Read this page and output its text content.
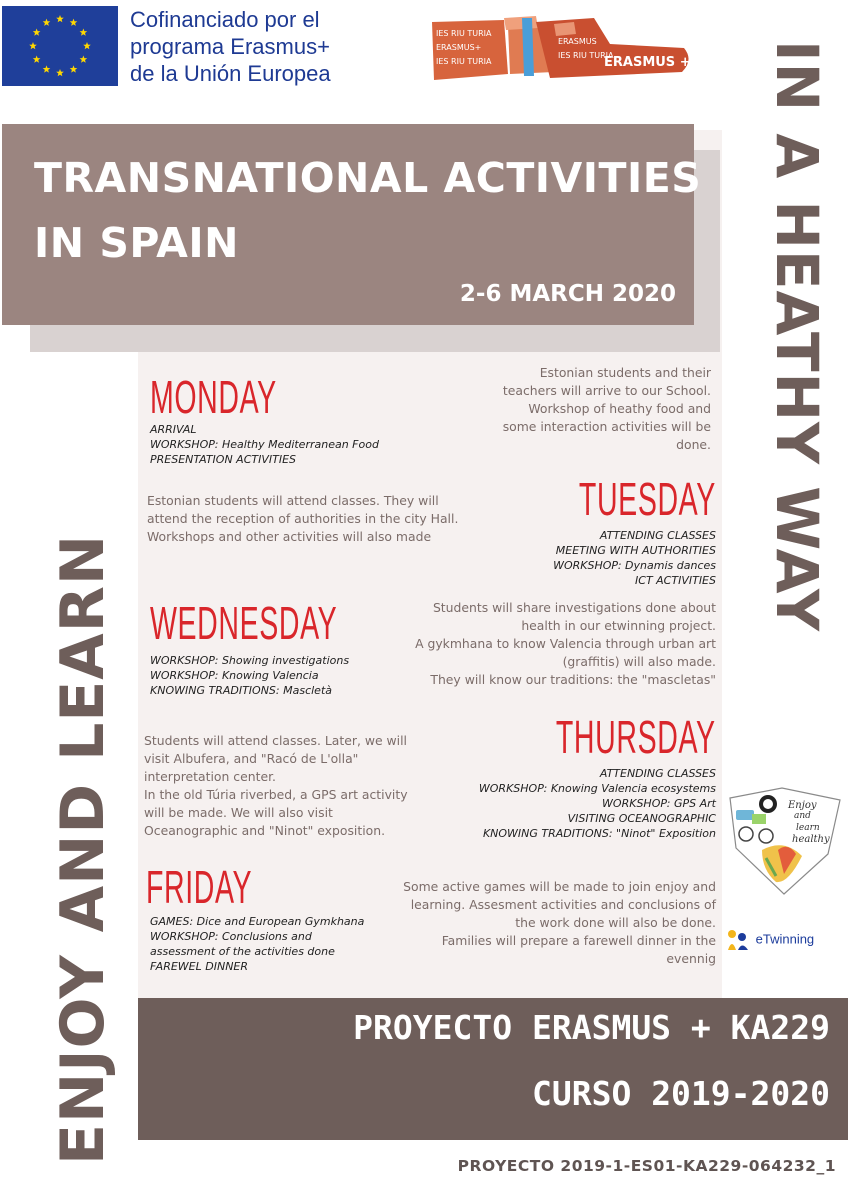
Cofinanciado por el
programa Erasmus+
de la Unión Europea
IES RIU TURIA
ERASMUS+
IES RIU TURIA
ERASMUS
IES RIU TURIA
ERASMUS +
TRANSNATIONAL ACTIVITIES
IN SPAIN
2-6 MARCH 2020 IN A HEATHY WAY
ENJOY AND LEARN
MONDAY
ARRIVAL
WORKSHOP: Healthy Mediterranean Food
PRESENTATION ACTIVITIES
Estonian students and their
teachers will arrive to our School.
Workshop of heathy food and
some interaction activities will be
done.
TUESDAY
ATTENDING CLASSES
MEETING WITH AUTHORITIES
WORKSHOP: Dynamis dances
ICT ACTIVITIES
Estonian students will attend classes. They will
attend the reception of authorities in the city Hall.
Workshops and other activities will also made
WEDNESDAY
WORKSHOP: Showing investigations
WORKSHOP: Knowing Valencia
KNOWING TRADITIONS: Mascletà
Students will share investigations done about
health in our etwinning project.
A gykmhana to know Valencia through urban art
(graffitis) will also made.
They will know our traditions: the "mascletas"
THURSDAY
ATTENDING CLASSES
WORKSHOP: Knowing Valencia ecosystems
WORKSHOP: GPS Art
VISITING OCEANOGRAPHIC
KNOWING TRADITIONS: "Ninot" Exposition
Students will attend classes. Later, we will
visit Albufera, and "Racó de L'olla"
interpretation center.
In the old Túria riverbed, a GPS art activity
will be made. We will also visit
Oceanographic and "Ninot" exposition.
FRIDAY
GAMES: Dice and European Gymkhana
WORKSHOP: Conclusions and
assessment of the activities done
FAREWEL DINNER
Some active games will be made to join enjoy and
learning. Assesment activities and conclusions of
the work done will also be done.
Families will prepare a farewell dinner in the
evennig
Enjoy
and
learn
healthy
eTwinning
PROYECTO ERASMUS + KA229
CURSO 2019-2020
PROYECTO 2019-1-ES01-KA229-064232_1
